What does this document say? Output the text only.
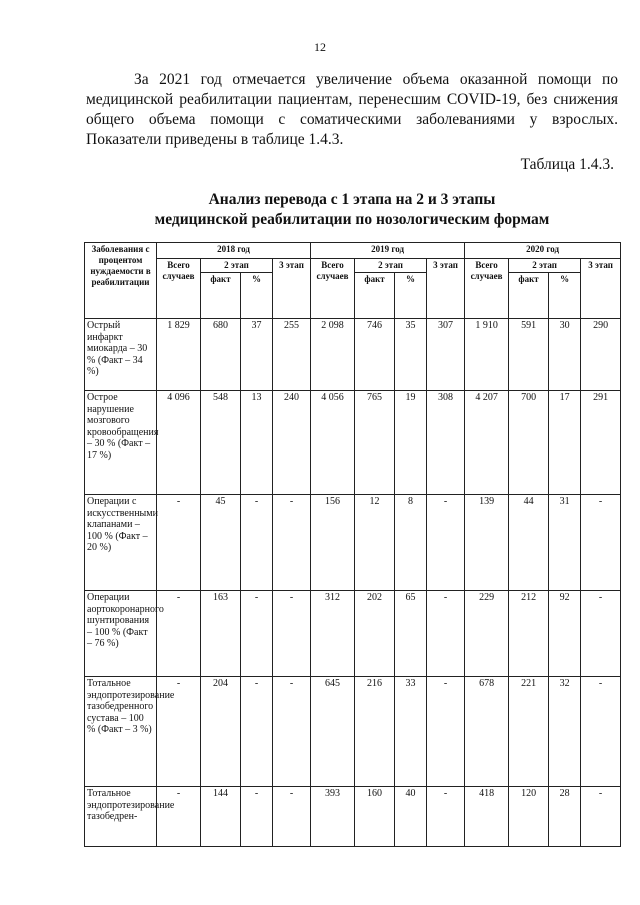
12

За 2021 год отмечается увеличение объема оказанной помощи по медицинской реабилитации пациентам, перенесшим COVID-19, без снижения общего объема помощи с соматическими заболеваниями у взрослых. Показатели приведены в таблице 1.4.3.

Таблица 1.4.3.
Анализ перевода с 1 этапа на 2 и 3 этапы
медицинской реабилитации по нозологическим формам
Заболевания с процентом нуждаемости в реабилитации	2018 год				2019 год				2020 год			
	Всего случаев	2 этап		3 этап	Всего случаев	2 этап		3 этап	Всего случаев	2 этап		3 этап
		факт	%			факт	%			факт	%	
Острый инфаркт миокарда – 30 % (Факт – 34 %)	1 829	680	37	255	2 098	746	35	307	1 910	591	30	290
Острое нарушение мозгового кровообращения – 30 % (Факт – 17 %)	4 096	548	13	240	4 056	765	19	308	4 207	700	17	291
Операции с искусственными клапанами – 100 % (Факт – 20 %)	-	45	-	-	156	12	8	-	139	44	31	-
Операции аортокоронарного шунтирования – 100 % (Факт – 76 %)	-	163	-	-	312	202	65	-	229	212	92	-
Тотальное эндопротезирование тазобедренного сустава – 100 % (Факт – 3 %)	-	204	-	-	645	216	33	-	678	221	32	-
Тотальное эндопротезирование тазобедрен-	-	144	-	-	393	160	40	-	418	120	28	-
